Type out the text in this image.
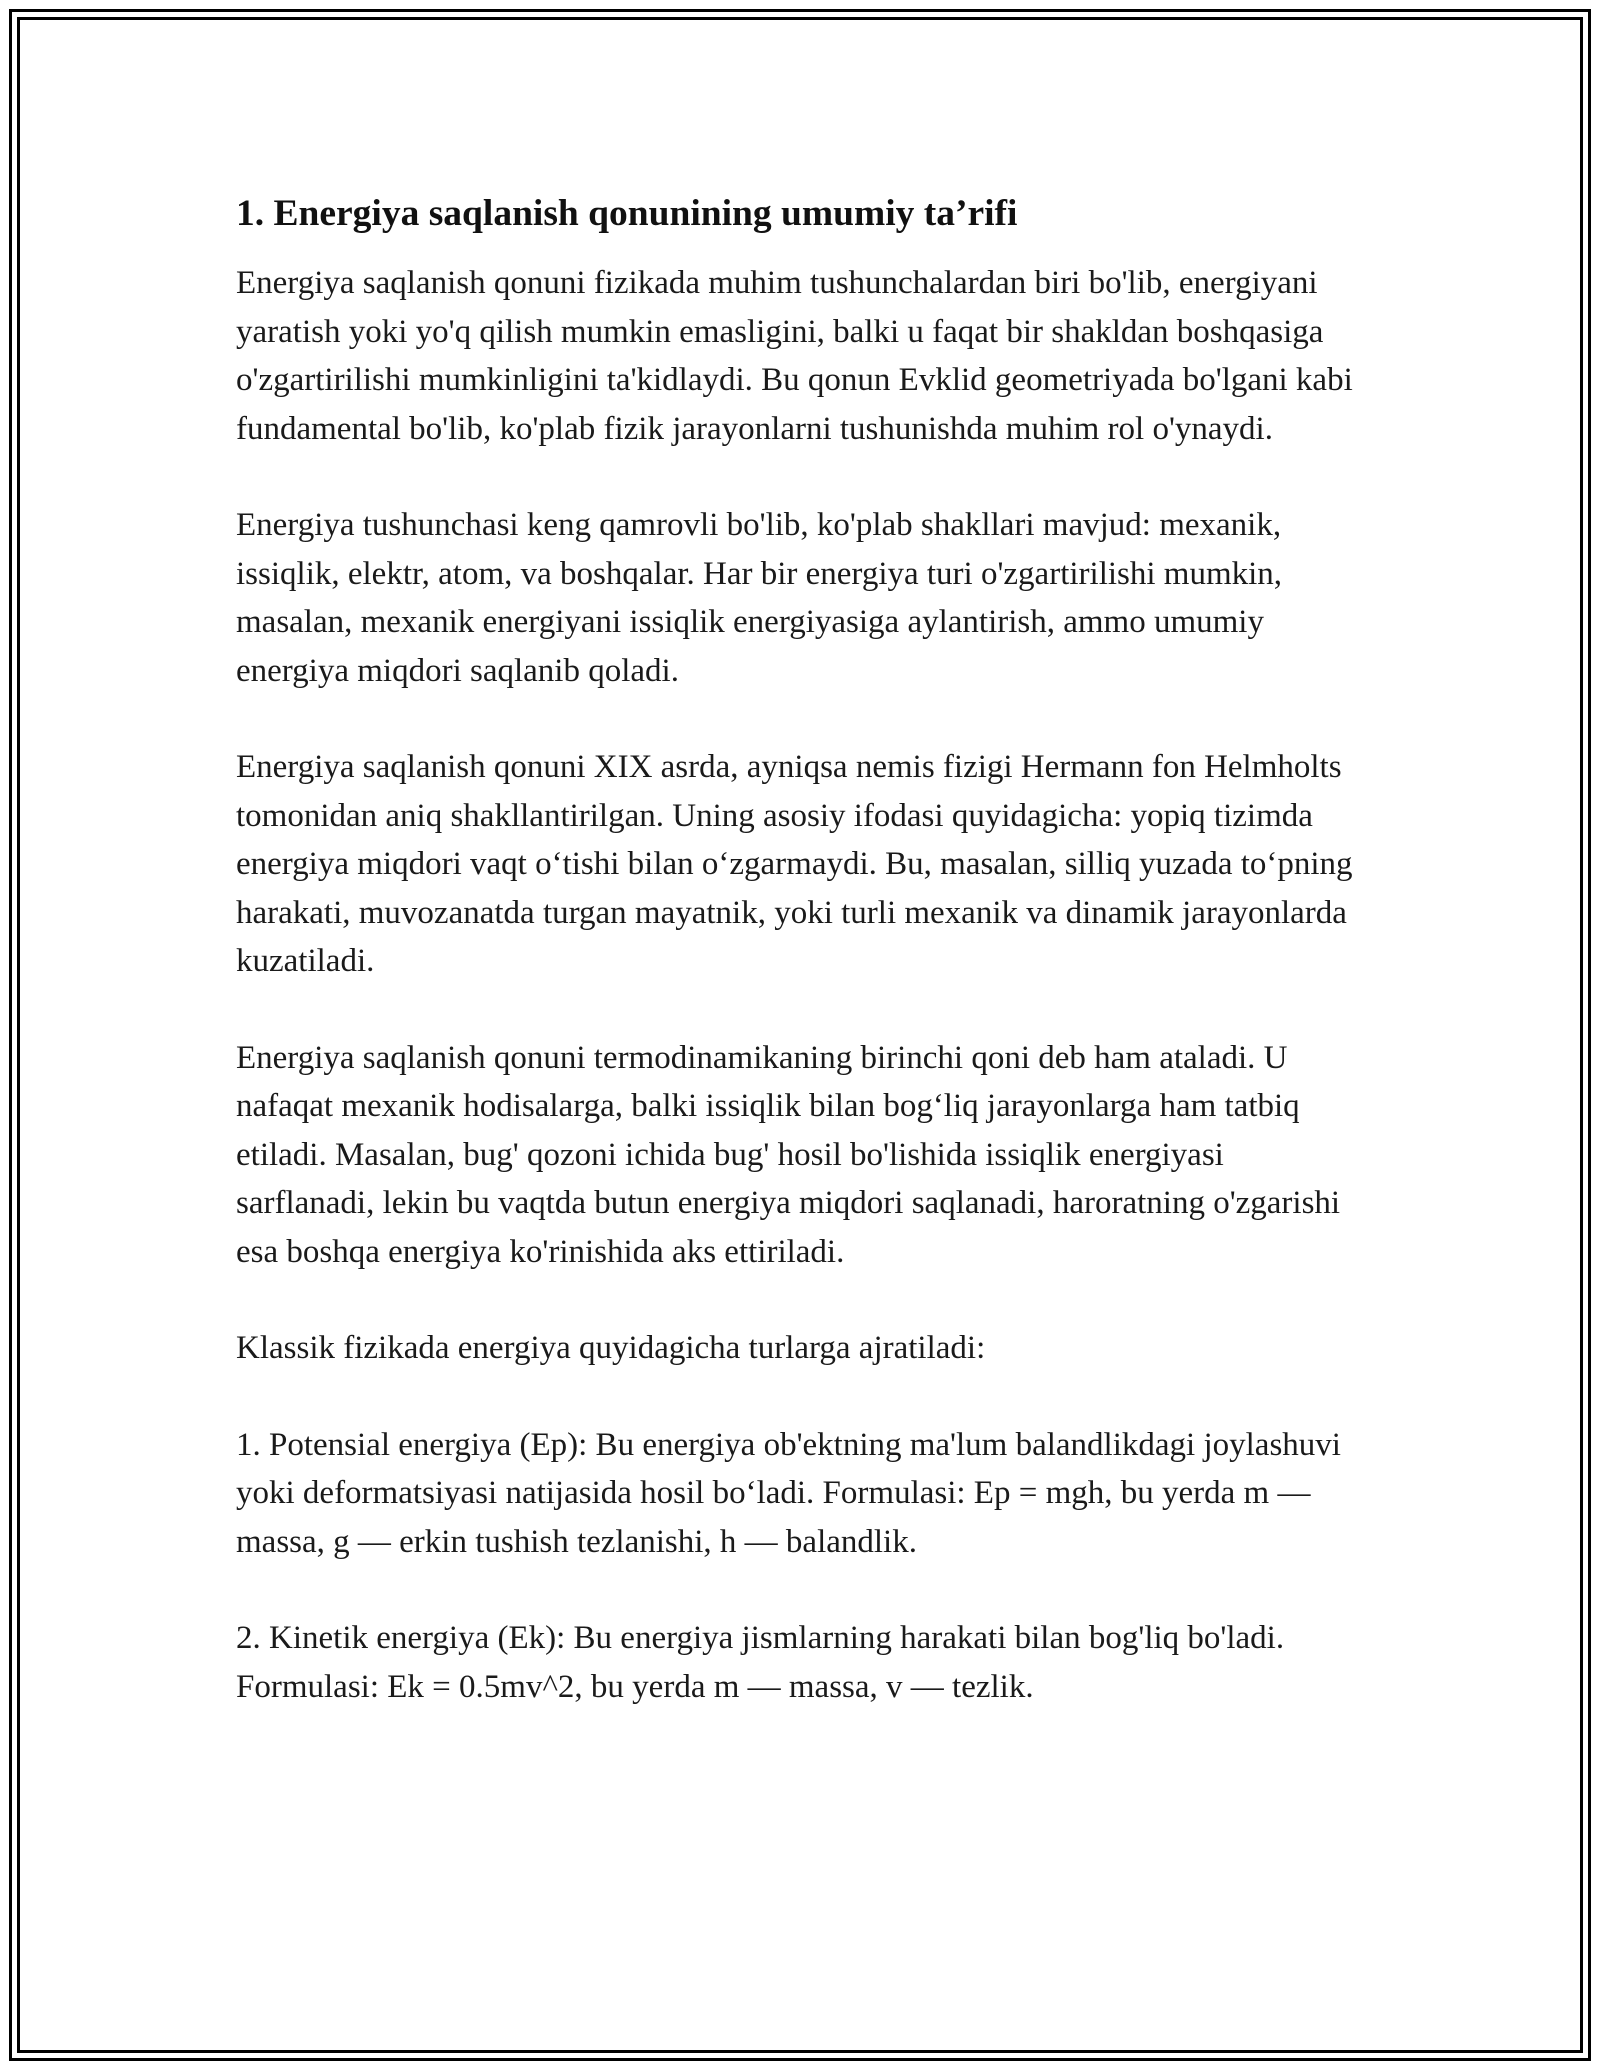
1. Energiya saqlanish qonunining umumiy ta’rifi

Energiya saqlanish qonuni fizikada muhim tushunchalardan biri bo'lib, energiyani yaratish yoki yo'q qilish mumkin emasligini, balki u faqat bir shakldan boshqasiga o'zgartirilishi mumkinligini ta'kidlaydi. Bu qonun Evklid geometriyada bo'lgani kabi fundamental bo'lib, ko'plab fizik jarayonlarni tushunishda muhim rol o'ynaydi.

Energiya tushunchasi keng qamrovli bo'lib, ko'plab shakllari mavjud: mexanik, issiqlik, elektr, atom, va boshqalar. Har bir energiya turi o'zgartirilishi mumkin, masalan, mexanik energiyani issiqlik energiyasiga aylantirish, ammo umumiy energiya miqdori saqlanib qoladi.

Energiya saqlanish qonuni XIX asrda, ayniqsa nemis fizigi Hermann fon Helmholts tomonidan aniq shakllantirilgan. Uning asosiy ifodasi quyidagicha: yopiq tizimda energiya miqdori vaqt o‘tishi bilan o‘zgarmaydi. Bu, masalan, silliq yuzada to‘pning harakati, muvozanatda turgan mayatnik, yoki turli mexanik va dinamik jarayonlarda kuzatiladi.

Energiya saqlanish qonuni termodinamikaning birinchi qoni deb ham ataladi. U nafaqat mexanik hodisalarga, balki issiqlik bilan bog‘liq jarayonlarga ham tatbiq etiladi. Masalan, bug' qozoni ichida bug' hosil bo'lishida issiqlik energiyasi sarflanadi, lekin bu vaqtda butun energiya miqdori saqlanadi, haroratning o'zgarishi esa boshqa energiya ko'rinishida aks ettiriladi.

Klassik fizikada energiya quyidagicha turlarga ajratiladi:

1. Potensial energiya (Ep): Bu energiya ob'ektning ma'lum balandlikdagi joylashuvi yoki deformatsiyasi natijasida hosil bo‘ladi. Formulasi: Ep = mgh, bu yerda m — massa, g — erkin tushish tezlanishi, h — balandlik.

2. Kinetik energiya (Ek): Bu energiya jismlarning harakati bilan bog'liq bo'ladi. Formulasi: Ek = 0.5mv^2, bu yerda m — massa, v — tezlik.
